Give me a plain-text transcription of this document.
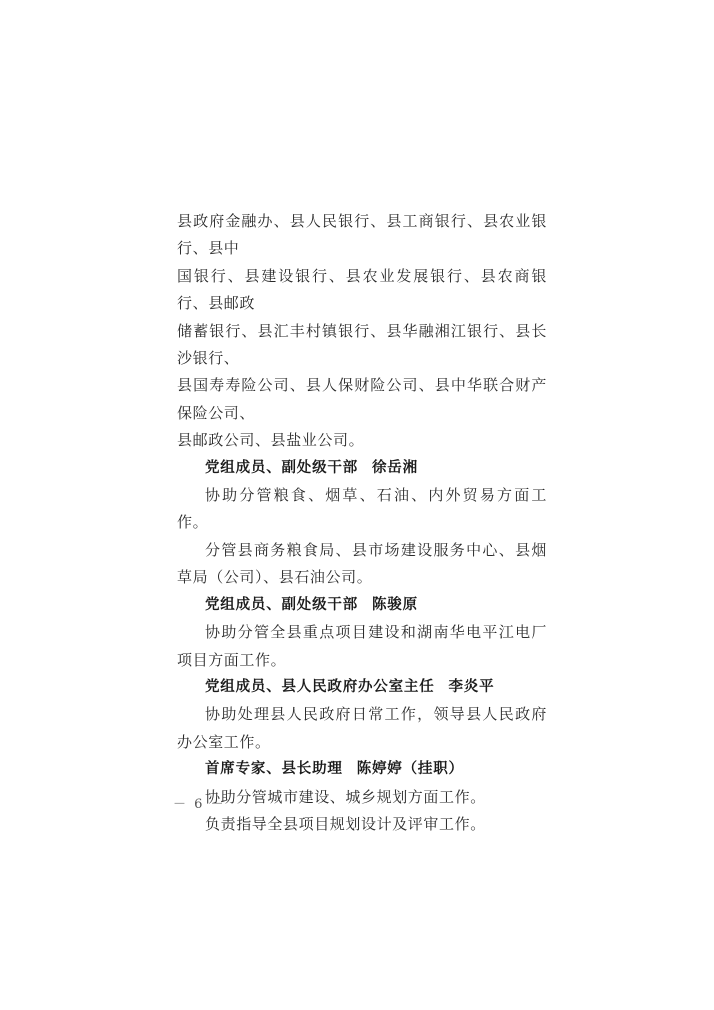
县政府金融办、县人民银行、县工商银行、县农业银行、县中

国银行、县建设银行、县农业发展银行、县农商银行、县邮政

储蓄银行、县汇丰村镇银行、县华融湘江银行、县长沙银行、

县国寿寿险公司、县人保财险公司、县中华联合财产保险公司、

县邮政公司、县盐业公司。

党组成员、副处级干部 徐岳湘

协助分管粮食、烟草、石油、内外贸易方面工作。

分管县商务粮食局、县市场建设服务中心、县烟草局（公司）、县石油公司。

党组成员、副处级干部 陈骏原

协助分管全县重点项目建设和湖南华电平江电厂项目方面工作。

党组成员、县人民政府办公室主任 李炎平

协助处理县人民政府日常工作，领导县人民政府办公室工作。

首席专家、县长助理 陈婷婷（挂职）

协助分管城市建设、城乡规划方面工作。

负责指导全县项目规划设计及评审工作。

－ 6 －
